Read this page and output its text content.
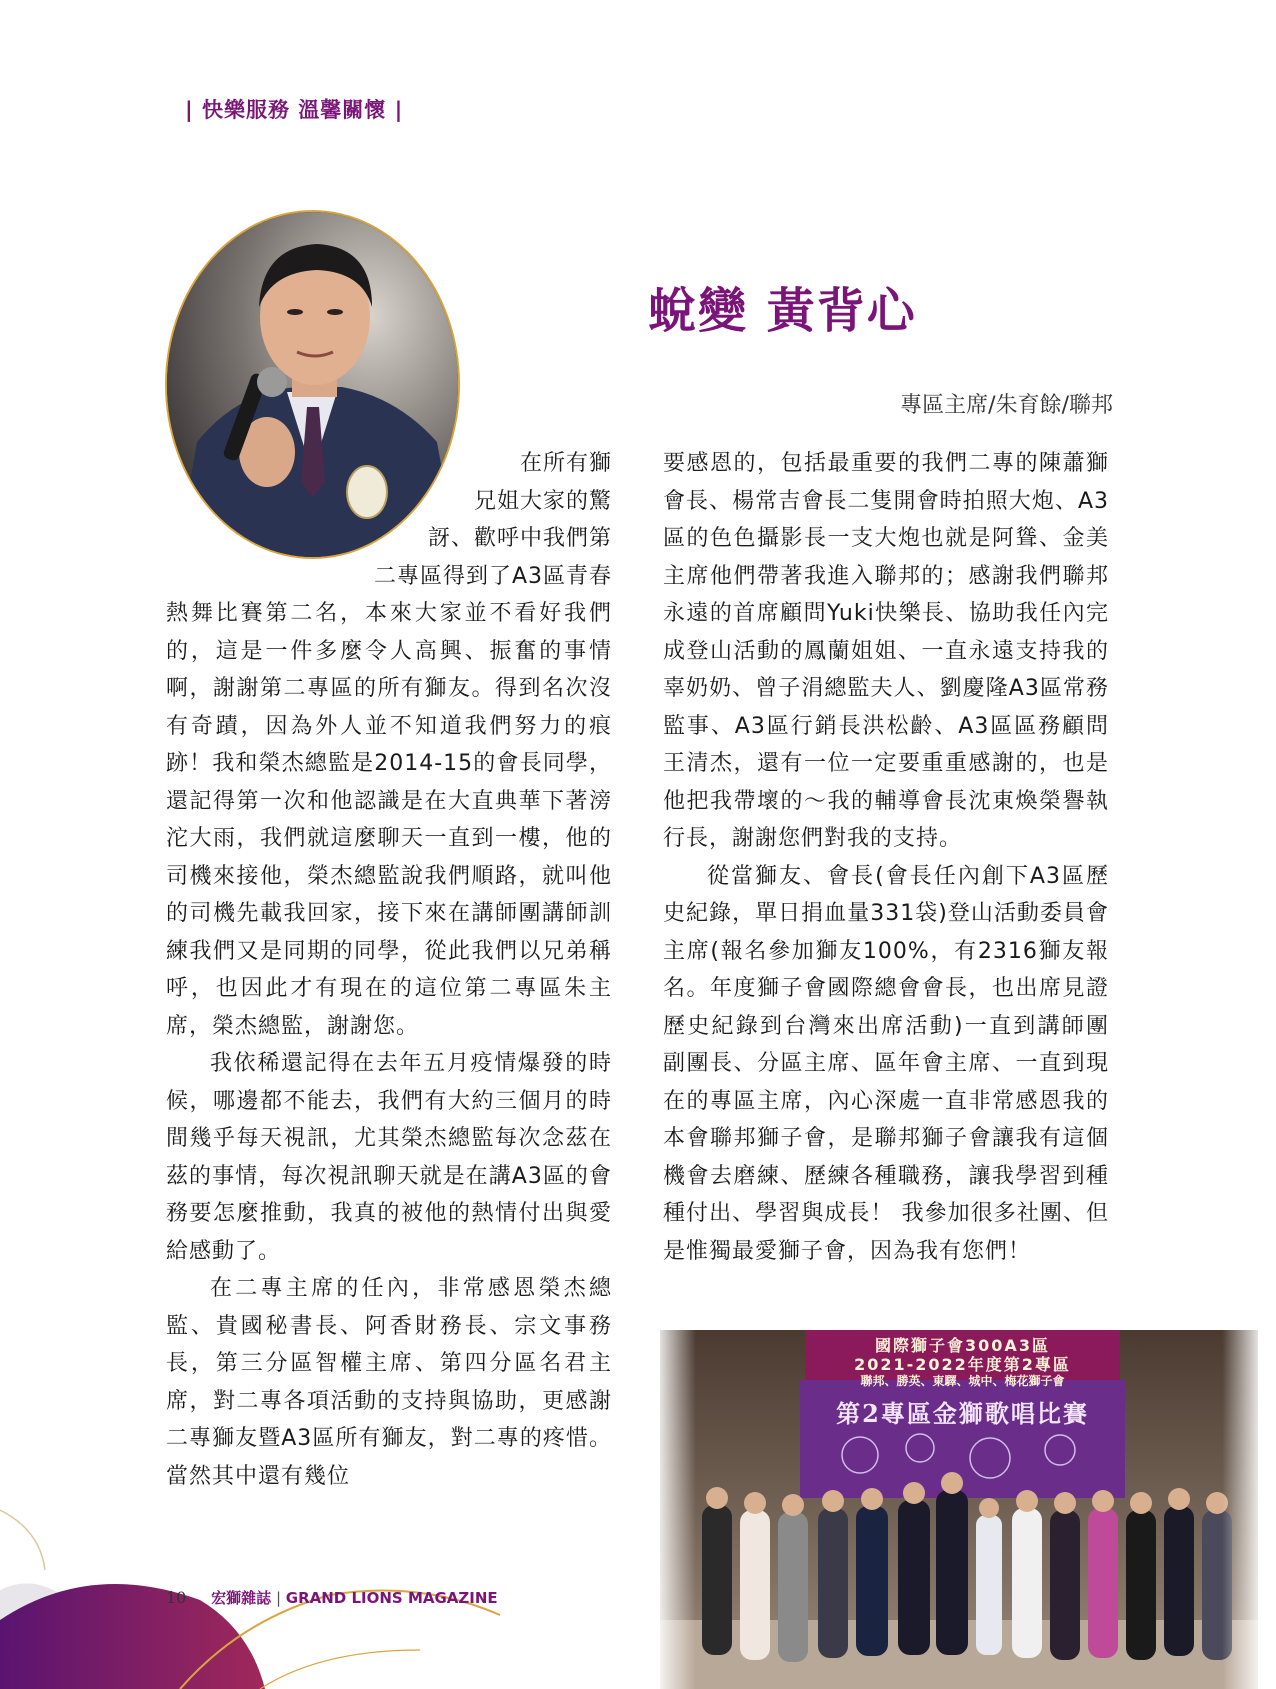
| 快樂服務 溫馨關懷 |
蛻變 黃背心
專區主席/朱育餘/聯邦

在所有獅
兄姐大家的驚
訝、歡呼中我們第
二專區得到了A3區青春

熱舞比賽第二名，本來大家並不看好我們的，這是一件多麼令人高興、振奮的事情啊，謝謝第二專區的所有獅友。得到名次沒有奇蹟，因為外人並不知道我們努力的痕跡！我和榮杰總監是2014-15的會長同學，還記得第一次和他認識是在大直典華下著滂沱大雨，我們就這麼聊天一直到一樓，他的司機來接他，榮杰總監說我們順路，就叫他的司機先載我回家，接下來在講師團講師訓練我們又是同期的同學，從此我們以兄弟稱呼，也因此才有現在的這位第二專區朱主席，榮杰總監，謝謝您。

我依稀還記得在去年五月疫情爆發的時候，哪邊都不能去，我們有大約三個月的時間幾乎每天視訊，尤其榮杰總監每次念茲在茲的事情，每次視訊聊天就是在講A3區的會務要怎麼推動，我真的被他的熱情付出與愛給感動了。

在二專主席的任內，非常感恩榮杰總監、貴國秘書長、阿香財務長、宗文事務長，第三分區智權主席、第四分區名君主席，對二專各項活動的支持與協助，更感謝二專獅友暨A3區所有獅友，對二專的疼惜。當然其中還有幾位

要感恩的，包括最重要的我們二專的陳蕭獅會長、楊常吉會長二隻開會時拍照大炮、A3區的色色攝影長一支大炮也就是阿聳、金美主席他們帶著我進入聯邦的；感謝我們聯邦永遠的首席顧問Yuki快樂長、協助我任內完成登山活動的鳳蘭姐姐、一直永遠支持我的辜奶奶、曾子涓總監夫人、劉慶隆A3區常務監事、A3區行銷長洪松齡、A3區區務顧問王清杰，還有一位一定要重重感謝的，也是他把我帶壞的～我的輔導會長沈東煥榮譽執行長，謝謝您們對我的支持。

從當獅友、會長(會長任內創下A3區歷史紀錄，單日捐血量331袋)登山活動委員會主席(報名參加獅友100%，有2316獅友報名。年度獅子會國際總會會長，也出席見證歷史紀錄到台灣來出席活動)一直到講師團副團長、分區主席、區年會主席、一直到現在的專區主席，內心深處一直非常感恩我的本會聯邦獅子會，是聯邦獅子會讓我有這個機會去磨練、歷練各種職務，讓我學習到種種付出、學習與成長！ 我參加很多社團、但是惟獨最愛獅子會，因為我有您們！

國際獅子會300A3區
2021-2022年度第2專區
聯邦、勝英、東驛、城中、梅花獅子會
第2專區金獅歌唱比賽
10 宏獅雜誌 | GRAND LIONS MAGAZINE
